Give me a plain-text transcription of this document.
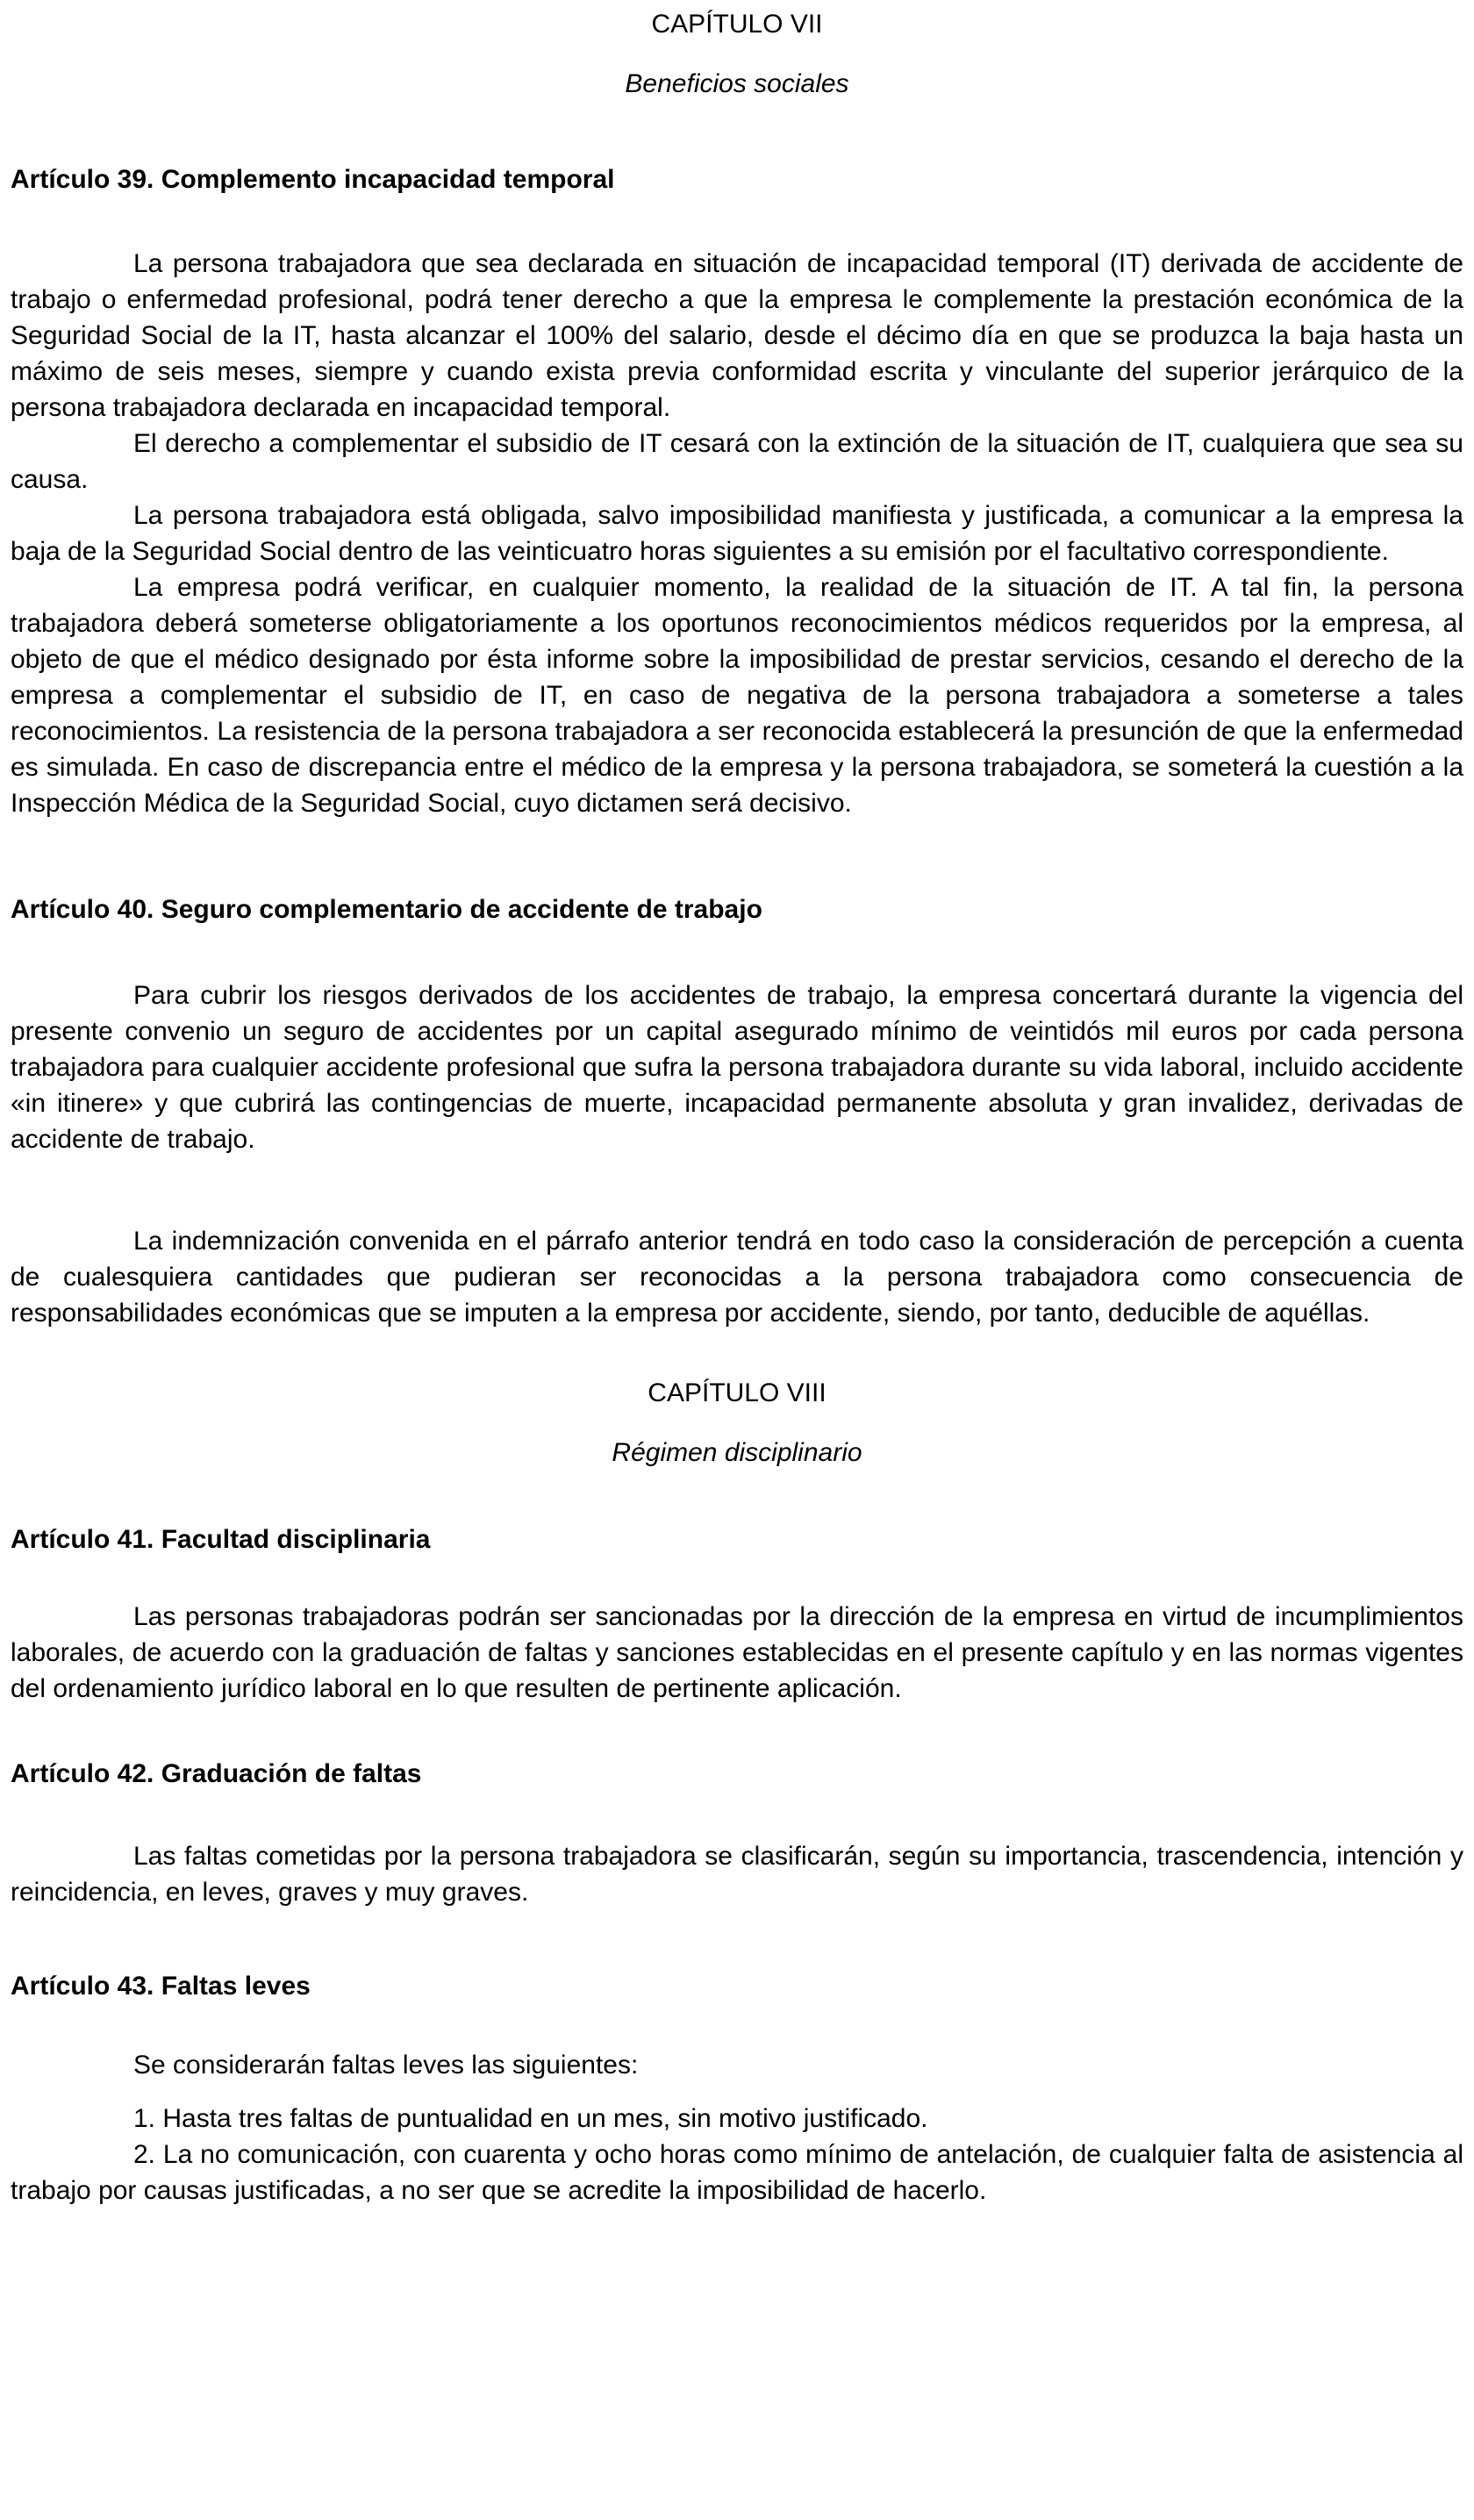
CAPÍTULO VII
Beneficios sociales
Artículo 39. Complemento incapacidad temporal

La persona trabajadora que sea declarada en situación de incapacidad temporal (IT) derivada de accidente de trabajo o enfermedad profesional, podrá tener derecho a que la empresa le complemente la prestación económica de la Seguridad Social de la IT, hasta alcanzar el 100% del salario, desde el décimo día en que se produzca la baja hasta un máximo de seis meses, siempre y cuando exista previa conformidad escrita y vinculante del superior jerárquico de la persona trabajadora declarada en incapacidad temporal.

El derecho a complementar el subsidio de IT cesará con la extinción de la situación de IT, cualquiera que sea su causa.

La persona trabajadora está obligada, salvo imposibilidad manifiesta y justificada, a comunicar a la empresa la baja de la Seguridad Social dentro de las veinticuatro horas siguientes a su emisión por el facultativo correspondiente.

La empresa podrá verificar, en cualquier momento, la realidad de la situación de IT. A tal fin, la persona trabajadora deberá someterse obligatoriamente a los oportunos reconocimientos médicos requeridos por la empresa, al objeto de que el médico designado por ésta informe sobre la imposibilidad de prestar servicios, cesando el derecho de la empresa a complementar el subsidio de IT, en caso de negativa de la persona trabajadora a someterse a tales reconocimientos. La resistencia de la persona trabajadora a ser reconocida establecerá la presunción de que la enfermedad es simulada. En caso de discrepancia entre el médico de la empresa y la persona trabajadora, se someterá la cuestión a la Inspección Médica de la Seguridad Social, cuyo dictamen será decisivo.

Artículo 40. Seguro complementario de accidente de trabajo

Para cubrir los riesgos derivados de los accidentes de trabajo, la empresa concertará durante la vigencia del presente convenio un seguro de accidentes por un capital asegurado mínimo de veintidós mil euros por cada persona trabajadora para cualquier accidente profesional que sufra la persona trabajadora durante su vida laboral, incluido accidente «in itinere» y que cubrirá las contingencias de muerte, incapacidad permanente absoluta y gran invalidez, derivadas de accidente de trabajo.

La indemnización convenida en el párrafo anterior tendrá en todo caso la consideración de percepción a cuenta de cualesquiera cantidades que pudieran ser reconocidas a la persona trabajadora como consecuencia de responsabilidades económicas que se imputen a la empresa por accidente, siendo, por tanto, deducible de aquéllas.

CAPÍTULO VIII
Régimen disciplinario
Artículo 41. Facultad disciplinaria

Las personas trabajadoras podrán ser sancionadas por la dirección de la empresa en virtud de incumplimientos laborales, de acuerdo con la graduación de faltas y sanciones establecidas en el presente capítulo y en las normas vigentes del ordenamiento jurídico laboral en lo que resulten de pertinente aplicación.

Artículo 42. Graduación de faltas

Las faltas cometidas por la persona trabajadora se clasificarán, según su importancia, trascendencia, intención y reincidencia, en leves, graves y muy graves.

Artículo 43. Faltas leves

Se considerarán faltas leves las siguientes:

1. Hasta tres faltas de puntualidad en un mes, sin motivo justificado.

2. La no comunicación, con cuarenta y ocho horas como mínimo de antelación, de cualquier falta de asistencia al trabajo por causas justificadas, a no ser que se acredite la imposibilidad de hacerlo.
